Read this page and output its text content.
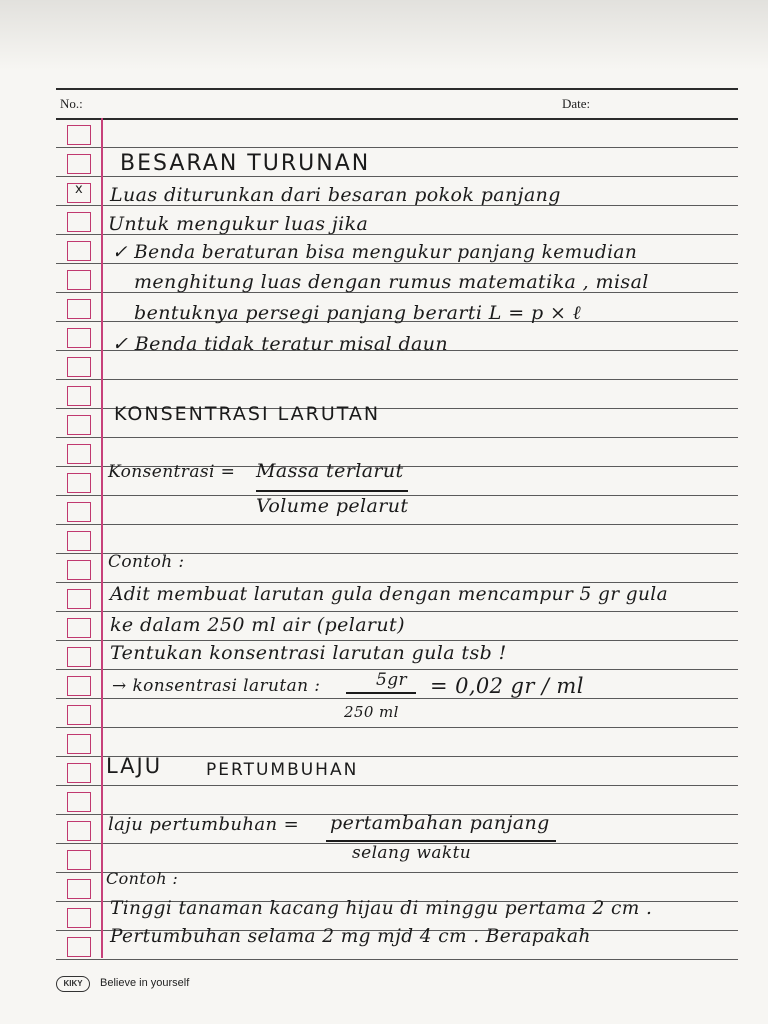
No.:	Date:
x
BESARAN TURUNAN
Luas diturunkan dari besaran pokok panjang
Untuk mengukur luas jika
✓ Benda beraturan bisa mengukur panjang kemudian
menghitung luas dengan rumus matematika , misal
bentuknya persegi panjang berarti L = p × ℓ
✓ Benda tidak teratur misal daun
KONSENTRASI LARUTAN
Konsentrasi = Massa terlarut
Volume pelarut
Contoh :
Adit membuat larutan gula dengan mencampur 5 gr gula
ke dalam 250 ml air (pelarut)
Tentukan konsentrasi larutan gula tsb !
→ konsentrasi larutan :	5gr = 0,02 gr / ml
250 ml
LAJU	PERTUMBUHAN
laju pertumbuhan = pertambahan panjang
selang waktu
Contoh :
Tinggi tanaman kacang hijau di minggu pertama 2 cm .
Pertumbuhan selama 2 mg mjd 4 cm . Berapakah
KIKY	Believe in yourself
